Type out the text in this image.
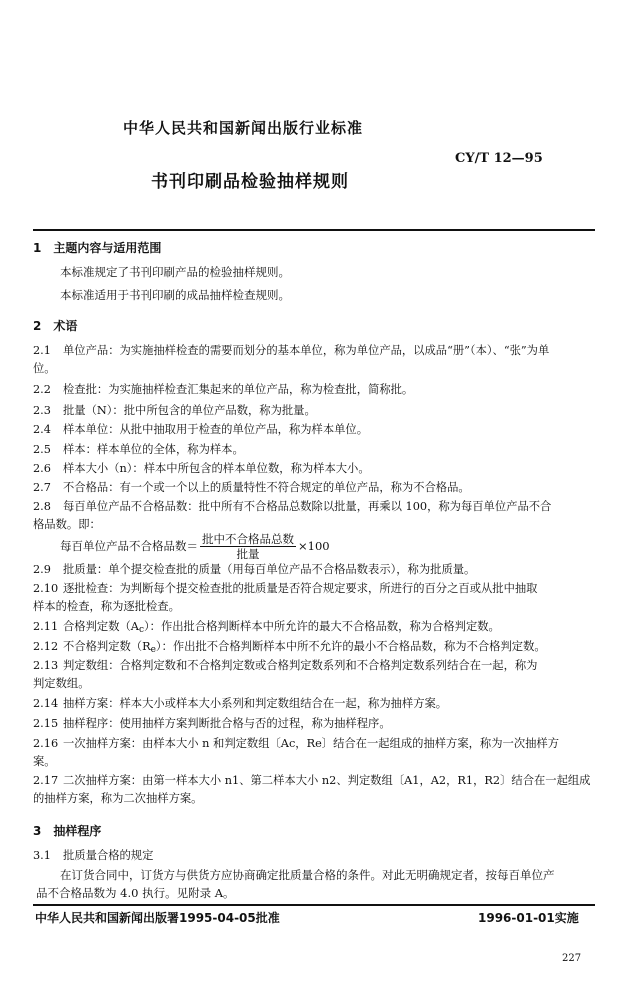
中华人民共和国新闻出版行业标准
CY/T 12—95
书刊印刷品检验抽样规则
1　主题内容与适用范围
本标准规定了书刊印刷产品的检验抽样规则。
本标准适用于书刊印刷的成品抽样检查规则。
2　术语
2.1 单位产品：为实施抽样检查的需要而划分的基本单位，称为单位产品，以成品“册”（本）、“张”为单
位。
2.2 检查批：为实施抽样检查汇集起来的单位产品，称为检查批，简称批。
2.3 批量（N）：批中所包含的单位产品数，称为批量。
2.4 样本单位：从批中抽取用于检查的单位产品，称为样本单位。
2.5 样本：样本单位的全体，称为样本。
2.6 样本大小（n）：样本中所包含的样本单位数，称为样本大小。
2.7 不合格品：有一个或一个以上的质量特性不符合规定的单位产品，称为不合格品。
2.8 每百单位产品不合格品数：批中所有不合格品总数除以批量，再乘以 100，称为每百单位产品不合
格品数。即：
每百单位产品不合格品数＝ $\frac{\text{批中不合格品总数}}{\text{批量}} \times 100$
2.9 批质量：单个提交检查批的质量（用每百单位产品不合格品数表示），称为批质量。
2.10 逐批检查：为判断每个提交检查批的批质量是否符合规定要求，所进行的百分之百或从批中抽取
样本的检查，称为逐批检查。
2.11 合格判定数$(A_c)$：作出批合格判断样本中所允许的最大不合格品数，称为合格判定数。
2.12 不合格判定数$(R_e)$：作出批不合格判断样本中所不允许的最小不合格品数，称为不合格判定数。
2.13 判定数组：合格判定数和不合格判定数或合格判定数系列和不合格判定数系列结合在一起，称为
判定数组。
2.14 抽样方案：样本大小或样本大小系列和判定数组结合在一起，称为抽样方案。
2.15 抽样程序：使用抽样方案判断批合格与否的过程，称为抽样程序。
2.16 一次抽样方案：由样本大小 n 和判定数组〔Ac，Re〕结合在一起组成的抽样方案，称为一次抽样方
案。
2.17 二次抽样方案：由第一样本大小 n1、第二样本大小 n2、判定数组〔A1，A2，R1，R2〕结合在一起组成
的抽样方案，称为二次抽样方案。
3　抽样程序
3.1 批质量合格的规定
在订货合同中，订货方与供货方应协商确定批质量合格的条件。对此无明确规定者，按每百单位产
品不合格品数为 4.0 执行。见附录 A。
中华人民共和国新闻出版署1995-04-05批准	1996-01-01实施
227
